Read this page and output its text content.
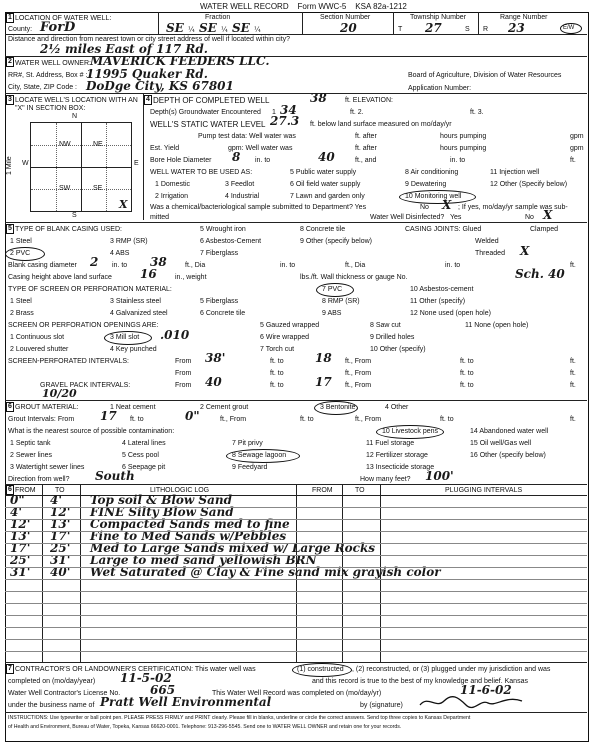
WATER WELL RECORD Form WWC-5 KSA 82a-1212
1 LOCATION OF WATER WELL:
County: ForD
Fraction
SE ¼ SE ¼ SE ¼
Section Number
20
Township Number
T 27	S
Range Number
R 23	E/W
Distance and direction from nearest town or city street address of well if located within city?
2½ miles East of 117 Rd.
2 WATER WELL OWNER: MAVERICK FEEDERS LLC.
RR#, St. Address, Box # :
11995 Quaker Rd.
City, State, ZIP Code : DoDge City, KS 67801
Board of Agriculture, Division of Water Resources
Application Number:
3 LOCATE WELL'S LOCATION WITH AN "X" IN SECTION BOX:
N
S
E
W
1 Mile
NW	NE
SW	SE
X
4 DEPTH OF COMPLETED WELL	38	ft. ELEVATION:
Depth(s) Groundwater Encountered 1 34	ft. 2.	ft. 3.
WELL'S STATIC WATER LEVEL 27.3 ft. below land surface measured on mo/day/yr
Pump test data: Well water was	ft. after	hours pumping	gpm
Est. Yield	gpm: Well water was	ft. after	hours pumping	gpm
Bore Hole Diameter 8 in. to	40	ft., and	in. to	ft.
WELL WATER TO BE USED AS:
1 Domestic
2 Irrigation
3 Feedlot
4 Industrial
5 Public water supply
6 Oil field water supply
7 Lawn and garden only
8 Air conditioning
9 Dewatering
10 Monitoring well
11 Injection well
12 Other (Specify below)
Was a chemical/bacteriological sample submitted to Department? Yes	No X ; If yes, mo/day/yr sample was sub-
mitted	Water Well Disinfected? Yes	No X
5 TYPE OF BLANK CASING USED:
1 Steel
2 PVC
3 RMP (SR)
4 ABS
5 Wrought iron
6 Asbestos-Cement
7 Fiberglass
8 Concrete tile
9 Other (specify below)
CASING JOINTS: Glued	Clamped
Welded
Threaded X
Blank casing diameter 2 in. to 38	ft., Dia	in. to	ft., Dia	in. to	ft.
Casing height above land surface 16	in., weight	lbs./ft. Wall thickness or gauge No.	Sch. 40
TYPE OF SCREEN OR PERFORATION MATERIAL:
1 Steel
2 Brass
3 Stainless steel
4 Galvanized steel
5 Fiberglass
6 Concrete tile
7 PVC
8 RMP (SR)
9 ABS
10 Asbestos-cement
11 Other (specify)
12 None used (open hole)
SCREEN OR PERFORATION OPENINGS ARE:
1 Continuous slot
2 Louvered shutter
3 Mill slot .010
4 Key punched
5 Gauzed wrapped
6 Wire wrapped
7 Torch cut
8 Saw cut
9 Drilled holes
10 Other (specify)
11 None (open hole)
SCREEN-PERFORATED INTERVALS:	From 38'	ft. to	18 ft., From	ft. to	ft.
From	ft. to	ft., From	ft. to	ft.
GRAVEL PACK INTERVALS:	From 40	ft. to	17 ft., From	ft. to	ft.
10/20
6 GROUT MATERIAL:	1 Neat cement	2 Cement grout	3 Bentonite	4 Other
Grout Intervals: From 17 ft. to	0"	ft., From	ft. to	ft., From	ft. to	ft.
What is the nearest source of possible contamination:
1 Septic tank
2 Sewer lines
3 Watertight sewer lines
4 Lateral lines
5 Cess pool
6 Seepage pit
7 Pit privy
8 Sewage lagoon
9 Feedyard
10 Livestock pens
11 Fuel storage
12 Fertilizer storage
13 Insecticide storage
14 Abandoned water well
15 Oil well/Gas well
16 Other (specify below)
Direction from well? South	How many feet? 100'
6 FROM	TO	LITHOLOGIC LOG	FROM	TO	PLUGGING INTERVALS
0" 4' Top soil & Blow Sand
4' 12' FINE Silty Blow Sand
12' 13' Compacted Sands med to fine
13' 17' Fine to Med Sands w/Pebbles
17' 25' Med to Large Sands mixed w/ Large Rocks
25' 31' Large to med sand yellowish BRN
31' 40' Wet Saturated @ Clay & Fine sand mix grayish color
7 CONTRACTOR'S OR LANDOWNER'S CERTIFICATION: This water well was	(1) constructed , (2) reconstructed, or (3) plugged under my jurisdiction and was
completed on (mo/day/year) 11-5-02	and this record is true to the best of my knowledge and belief. Kansas
Water Well Contractor's License No. 665	This Water Well Record was completed on (mo/day/yr)	11-6-02
under the business name of Pratt Well Environmental	by (signature)
INSTRUCTIONS: Use typewriter or ball point pen. PLEASE PRESS FIRMLY and PRINT clearly. Please fill in blanks, underline or circle the correct answers. Send top three copies to Kansas Department
of Health and Environment, Bureau of Water, Topeka, Kansas 66620-0001. Telephone: 913-296-5545. Send one to WATER WELL OWNER and retain one for your records.
